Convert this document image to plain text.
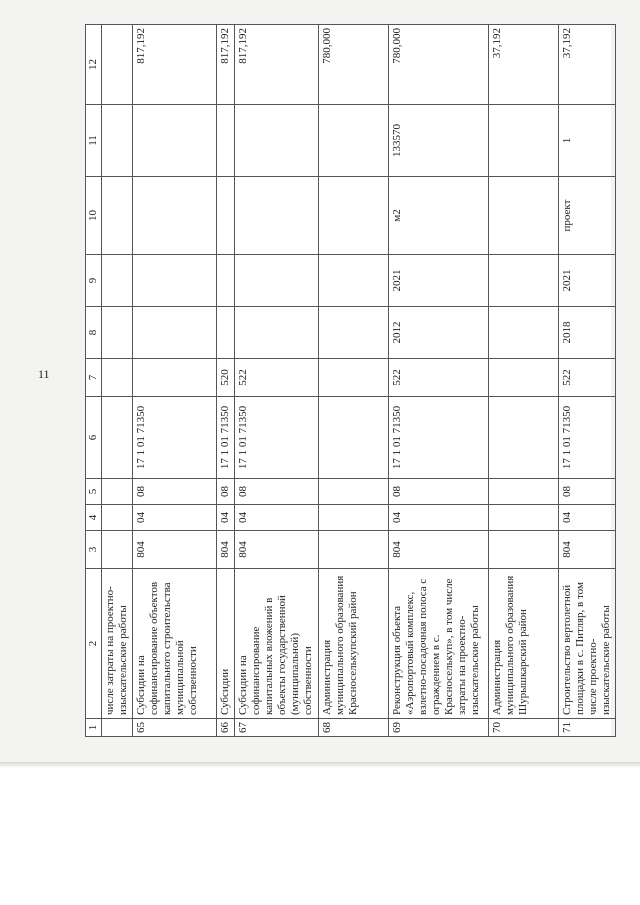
11
1	2	3	4	5	6	7	8	9	10	11	12
	числе затраты на проектно-изыскательские работы										
65	Субсидии на софинансирование объектов капитального строительства муниципальной собственности	804	04	08	17 1 01 71350						817,192
66	Субсидии	804	04	08	17 1 01 71350	520					817,192
67	Субсидии на софинансирование капитальных вложений в объекты государственной (муниципальной) собственности	804	04	08	17 1 01 71350	522					817,192
68	Администрация муниципального образования Красноселькупский район										780,000
69	Реконструкция объекта «Аэропортовый комплекс, взлетно-посадочная полоса с ограждением в с. Красноселькуп», в том числе затраты на проектно-изыскательские работы	804	04	08	17 1 01 71350	522	2012	2021	м2	133570	780,000
70	Администрация муниципального образования Шурышкарский район										37,192
71	Строительство вертолетной площадки в с. Питляр, в том числе проектно-изыскательские работы	804	04	08	17 1 01 71350	522	2018	2021	проект	1	37,192
